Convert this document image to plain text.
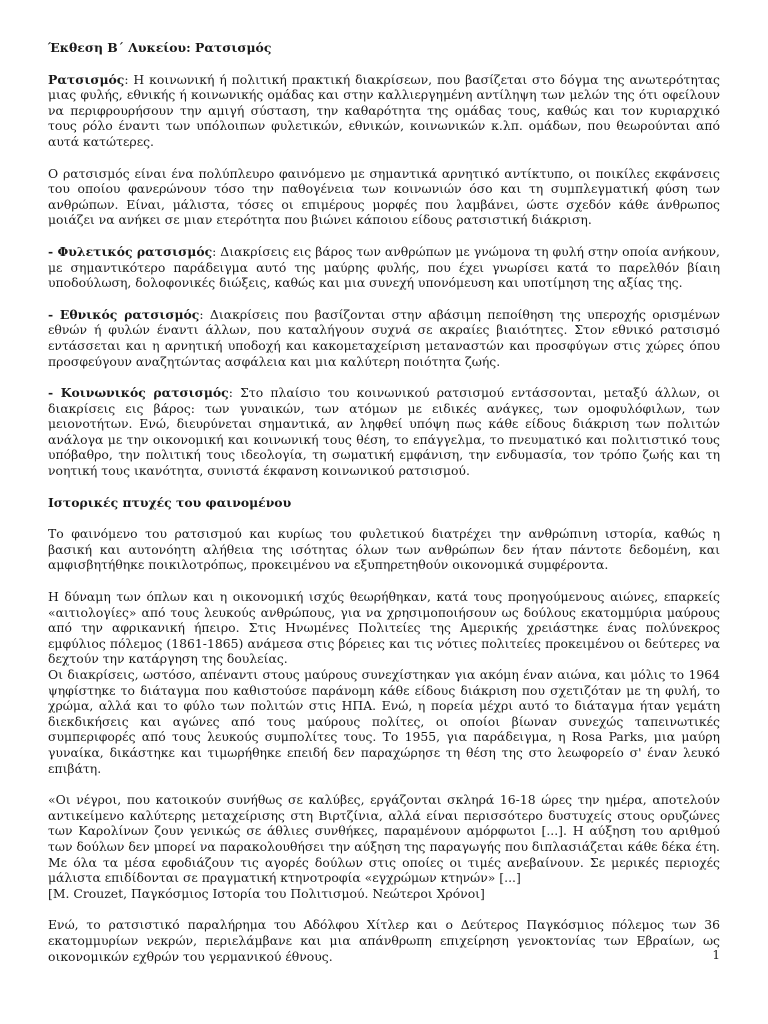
Έκθεση Β΄ Λυκείου: Ρατσισμός

Ρατσισμός: Η κοινωνική ή πολιτική πρακτική διακρίσεων, που βασίζεται στο δόγμα της ανωτερότητας μιας φυλής, εθνικής ή κοινωνικής ομάδας και στην καλλιεργημένη αντίληψη των μελών της ότι οφείλουν να περιφρουρήσουν την αμιγή σύσταση, την καθαρότητα της ομάδας τους, καθώς και τον κυριαρχικό τους ρόλο έναντι των υπόλοιπων φυλετικών, εθνικών, κοινωνικών κ.λπ. ομάδων, που θεωρούνται από αυτά κατώτερες.

Ο ρατσισμός είναι ένα πολύπλευρο φαινόμενο με σημαντικά αρνητικό αντίκτυπο, οι ποικίλες εκφάνσεις του οποίου φανερώνουν τόσο την παθογένεια των κοινωνιών όσο και τη συμπλεγματική φύση των ανθρώπων. Είναι, μάλιστα, τόσες οι επιμέρους μορφές που λαμβάνει, ώστε σχεδόν κάθε άνθρωπος μοιάζει να ανήκει σε μιαν ετερότητα που βιώνει κάποιου είδους ρατσιστική διάκριση.

- Φυλετικός ρατσισμός: Διακρίσεις εις βάρος των ανθρώπων με γνώμονα τη φυλή στην οποία ανήκουν, με σημαντικότερο παράδειγμα αυτό της μαύρης φυλής, που έχει γνωρίσει κατά το παρελθόν βίαιη υποδούλωση, δολοφονικές διώξεις, καθώς και μια συνεχή υπονόμευση και υποτίμηση της αξίας της.

- Εθνικός ρατσισμός: Διακρίσεις που βασίζονται στην αβάσιμη πεποίθηση της υπεροχής ορισμένων εθνών ή φυλών έναντι άλλων, που καταλήγουν συχνά σε ακραίες βιαιότητες. Στον εθνικό ρατσισμό εντάσσεται και η αρνητική υποδοχή και κακομεταχείριση μεταναστών και προσφύγων στις χώρες όπου προσφεύγουν αναζητώντας ασφάλεια και μια καλύτερη ποιότητα ζωής.

- Κοινωνικός ρατσισμός: Στο πλαίσιο του κοινωνικού ρατσισμού εντάσσονται, μεταξύ άλλων, οι διακρίσεις εις βάρος: των γυναικών, των ατόμων με ειδικές ανάγκες, των ομοφυλόφιλων, των μειονοτήτων. Ενώ, διευρύνεται σημαντικά, αν ληφθεί υπόψη πως κάθε είδους διάκριση των πολιτών ανάλογα με την οικονομική και κοινωνική τους θέση, το επάγγελμα, το πνευματικό και πολιτιστικό τους υπόβαθρο, την πολιτική τους ιδεολογία, τη σωματική εμφάνιση, την ενδυμασία, τον τρόπο ζωής και τη νοητική τους ικανότητα, συνιστά έκφανση κοινωνικού ρατσισμού.

Ιστορικές πτυχές του φαινομένου

Το φαινόμενο του ρατσισμού και κυρίως του φυλετικού διατρέχει την ανθρώπινη ιστορία, καθώς η βασική και αυτονόητη αλήθεια της ισότητας όλων των ανθρώπων δεν ήταν πάντοτε δεδομένη, και αμφισβητήθηκε ποικιλοτρόπως, προκειμένου να εξυπηρετηθούν οικονομικά συμφέροντα.

Η δύναμη των όπλων και η οικονομική ισχύς θεωρήθηκαν, κατά τους προηγούμενους αιώνες, επαρκείς «αιτιολογίες» από τους λευκούς ανθρώπους, για να χρησιμοποιήσουν ως δούλους εκατομμύρια μαύρους από την αφρικανική ήπειρο. Στις Ηνωμένες Πολιτείες της Αμερικής χρειάστηκε ένας πολύνεκρος εμφύλιος πόλεμος (1861-1865) ανάμεσα στις βόρειες και τις νότιες πολιτείες προκειμένου οι δεύτερες να δεχτούν την κατάργηση της δουλείας.

Οι διακρίσεις, ωστόσο, απέναντι στους μαύρους συνεχίστηκαν για ακόμη έναν αιώνα, και μόλις το 1964 ψηφίστηκε το διάταγμα που καθιστούσε παράνομη κάθε είδους διάκριση που σχετιζόταν με τη φυλή, το χρώμα, αλλά και το φύλο των πολιτών στις ΗΠΑ. Ενώ, η πορεία μέχρι αυτό το διάταγμα ήταν γεμάτη διεκδικήσεις και αγώνες από τους μαύρους πολίτες, οι οποίοι βίωναν συνεχώς ταπεινωτικές συμπεριφορές από τους λευκούς συμπολίτες τους. Το 1955, για παράδειγμα, η Rosa Parks, μια μαύρη γυναίκα, δικάστηκε και τιμωρήθηκε επειδή δεν παραχώρησε τη θέση της στο λεωφορείο σ' έναν λευκό επιβάτη.

«Οι νέγροι, που κατοικούν συνήθως σε καλύβες, εργάζονται σκληρά 16-18 ώρες την ημέρα, αποτελούν αντικείμενο καλύτερης μεταχείρισης στη Βιρτζίνια, αλλά είναι περισσότερο δυστυχείς στους ορυζώνες των Καρολίνων ζουν γενικώς σε άθλιες συνθήκες, παραμένουν αμόρφωτοι [...]. Η αύξηση του αριθμού των δούλων δεν μπορεί να παρακολουθήσει την αύξηση της παραγωγής που διπλασιάζεται κάθε δέκα έτη. Με όλα τα μέσα εφοδιάζουν τις αγορές δούλων στις οποίες οι τιμές ανεβαίνουν. Σε μερικές περιοχές μάλιστα επιδίδονται σε πραγματική κτηνοτροφία «εγχρώμων κτηνών» [...]

[M. Crouzet, Παγκόσμιος Ιστορία του Πολιτισμού. Νεώτεροι Χρόνοι]

Ενώ, το ρατσιστικό παραλήρημα του Αδόλφου Χίτλερ και ο Δεύτερος Παγκόσμιος πόλεμος των 36 εκατομμυρίων νεκρών, περιελάμβανε και μια απάνθρωπη επιχείρηση γενοκτονίας των Εβραίων, ως οικονομικών εχθρών του γερμανικού έθνους.	1
